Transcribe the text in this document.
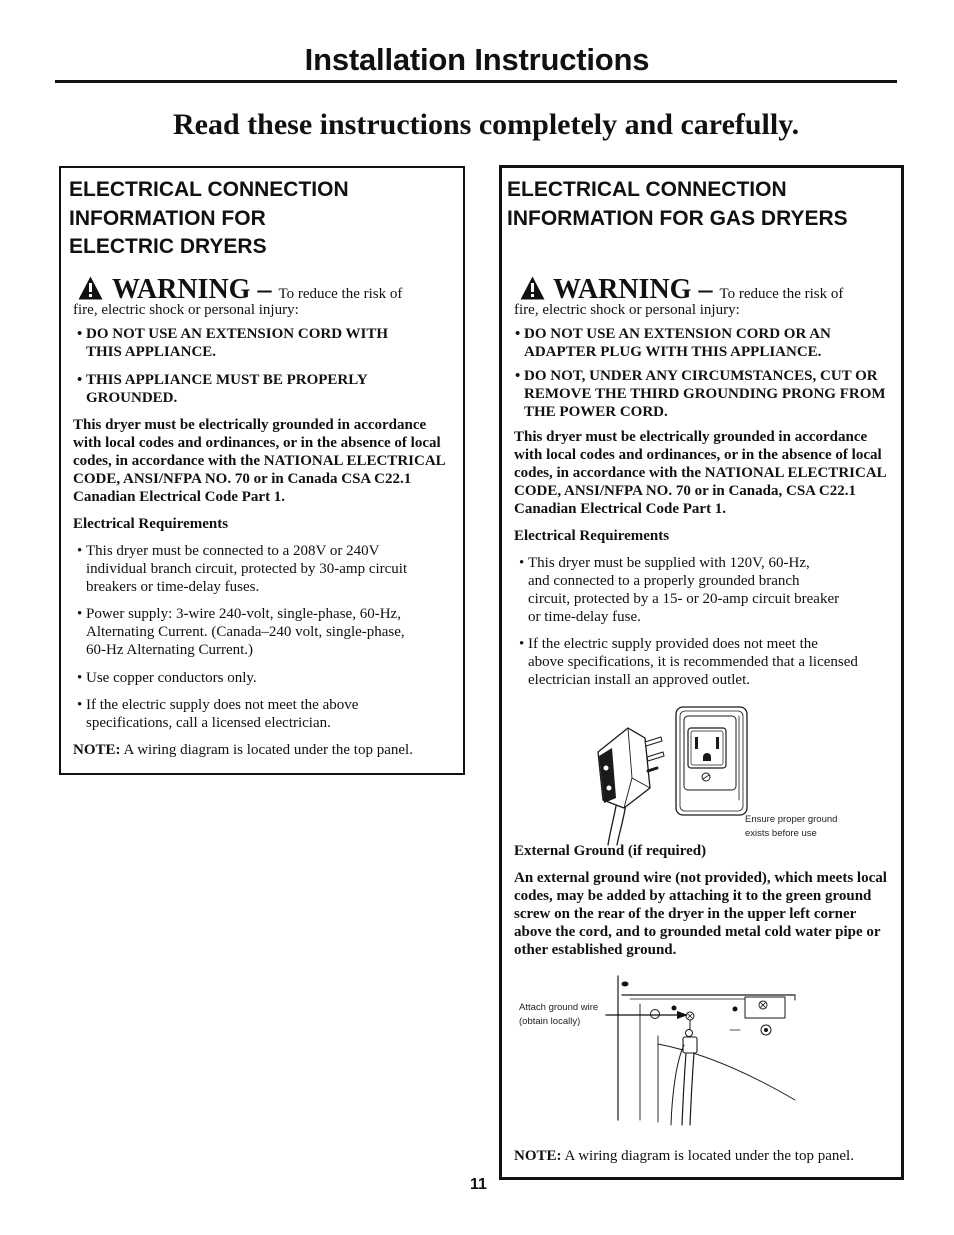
Installation Instructions
Read these instructions completely and carefully.
ELECTRICAL CONNECTION
INFORMATION FOR
ELECTRIC DRYERS
WARNING – To reduce the risk of
fire, electric shock or personal injury:
• DO NOT USE AN EXTENSION CORD WITH
THIS APPLIANCE.
• THIS APPLIANCE MUST BE PROPERLY
GROUNDED.

This dryer must be electrically grounded in accordance
with local codes and ordinances, or in the absence of local
codes, in accordance with the NATIONAL ELECTRICAL
CODE, ANSI/NFPA NO. 70 or in Canada CSA C22.1
Canadian Electrical Code Part 1.

Electrical Requirements
• This dryer must be connected to a 208V or 240V
individual branch circuit, protected by 30-amp circuit
breakers or time-delay fuses.
• Power supply: 3-wire 240-volt, single-phase, 60-Hz,
Alternating Current. (Canada–240 volt, single-phase,
60-Hz Alternating Current.)
• Use copper conductors only.
• If the electric supply does not meet the above
specifications, call a licensed electrician.
NOTE: A wiring diagram is located under the top panel.
ELECTRICAL CONNECTION
INFORMATION FOR GAS DRYERS
WARNING – To reduce the risk of
fire, electric shock or personal injury:
• DO NOT USE AN EXTENSION CORD OR AN
ADAPTER PLUG WITH THIS APPLIANCE.
• DO NOT, UNDER ANY CIRCUMSTANCES, CUT OR
REMOVE THE THIRD GROUNDING PRONG FROM
THE POWER CORD.

This dryer must be electrically grounded in accordance
with local codes and ordinances, or in the absence of local
codes, in accordance with the NATIONAL ELECTRICAL
CODE, ANSI/NFPA NO. 70 or in Canada, CSA C22.1
Canadian Electrical Code Part 1.

Electrical Requirements
• This dryer must be supplied with 120V, 60-Hz,
and connected to a properly grounded branch
circuit, protected by a 15- or 20-amp circuit breaker
or time-delay fuse.
• If the electric supply provided does not meet the
above specifications, it is recommended that a licensed
electrician install an approved outlet.
Ensure proper ground
exists before use
External Ground (if required)

An external ground wire (not provided), which meets local
codes, may be added by attaching it to the green ground
screw on the rear of the dryer in the upper left corner
above the cord, and to grounded metal cold water pipe or
other established ground.

Attach ground wire
(obtain locally)
NOTE: A wiring diagram is located under the top panel.
11
